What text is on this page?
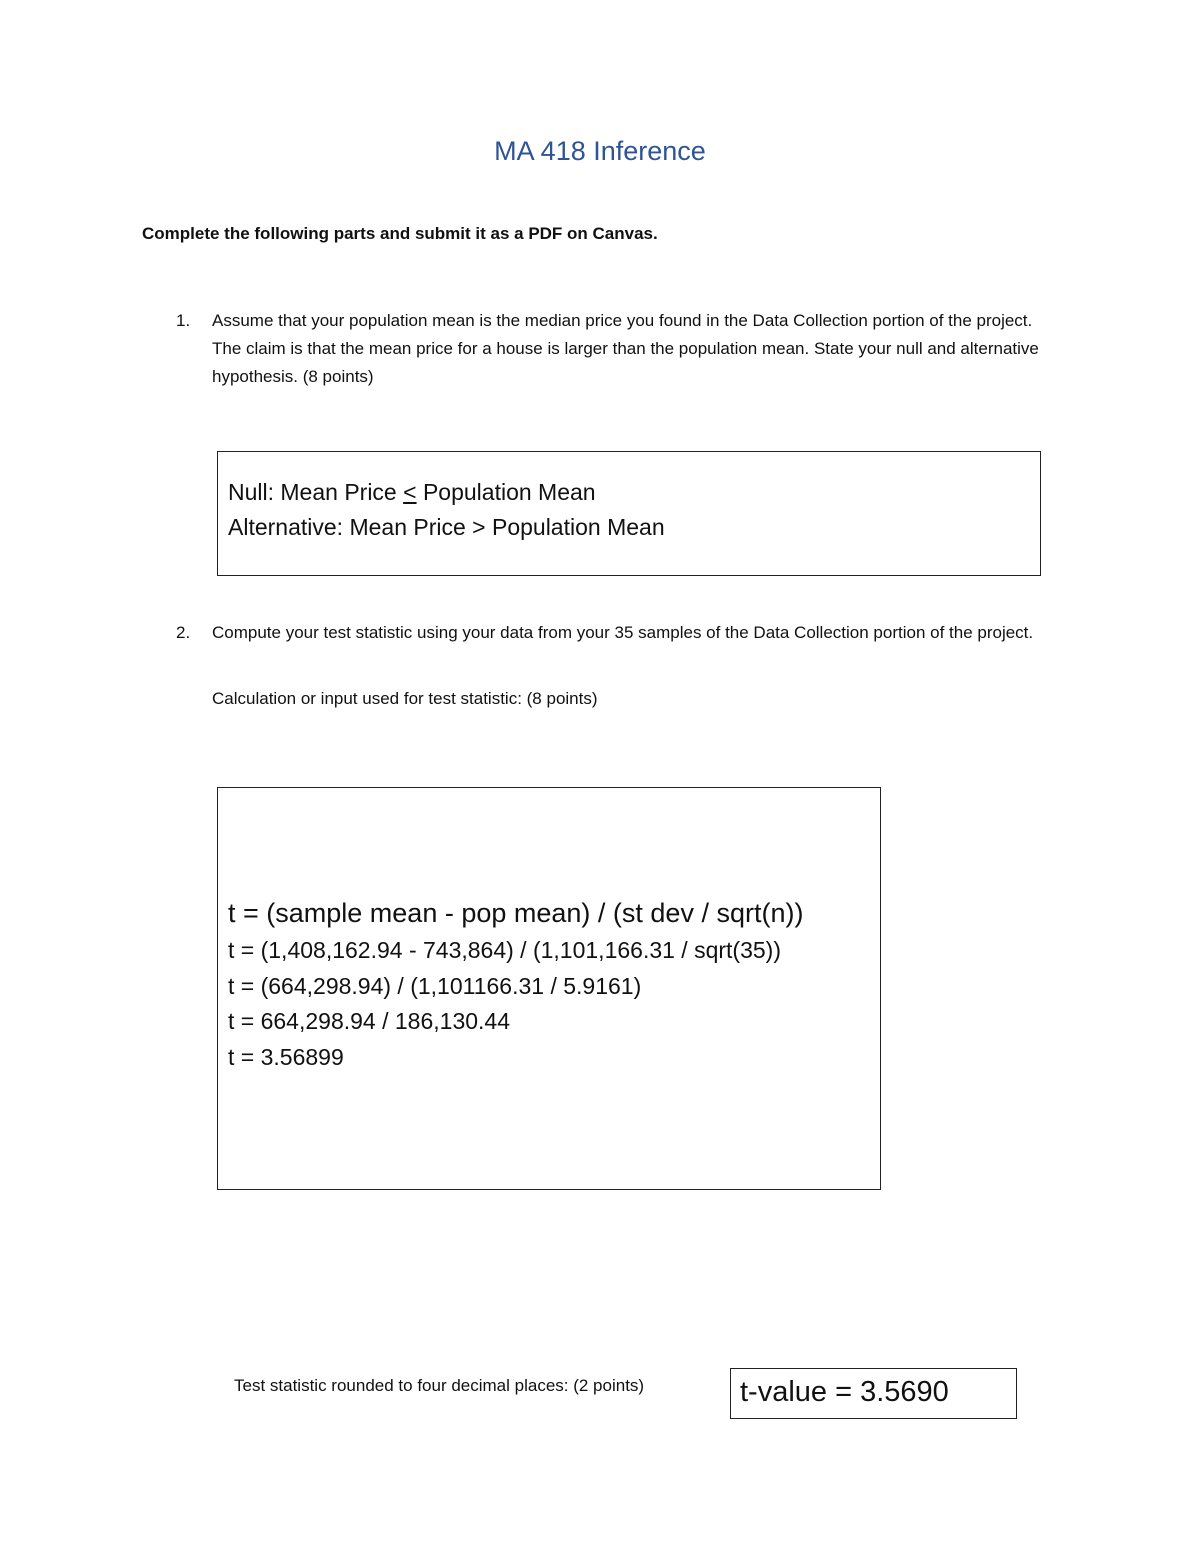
MA 418 Inference
Complete the following parts and submit it as a PDF on Canvas.
1. Assume that your population mean is the median price you found in the Data Collection portion of the project. The claim is that the mean price for a house is larger than the population mean. State your null and alternative hypothesis. (8 points)
Null: Mean Price < Population Mean
Alternative: Mean Price > Population Mean
2. Compute your test statistic using your data from your 35 samples of the Data Collection portion of the project.
Calculation or input used for test statistic: (8 points)
t = (sample mean - pop mean) / (st dev / sqrt(n))
t = (1,408,162.94 - 743,864) / (1,101,166.31 / sqrt(35))
t = (664,298.94) / (1,101166.31 / 5.9161)
t = 664,298.94 / 186,130.44
t = 3.56899
Test statistic rounded to four decimal places: (2 points)	t-value = 3.5690
